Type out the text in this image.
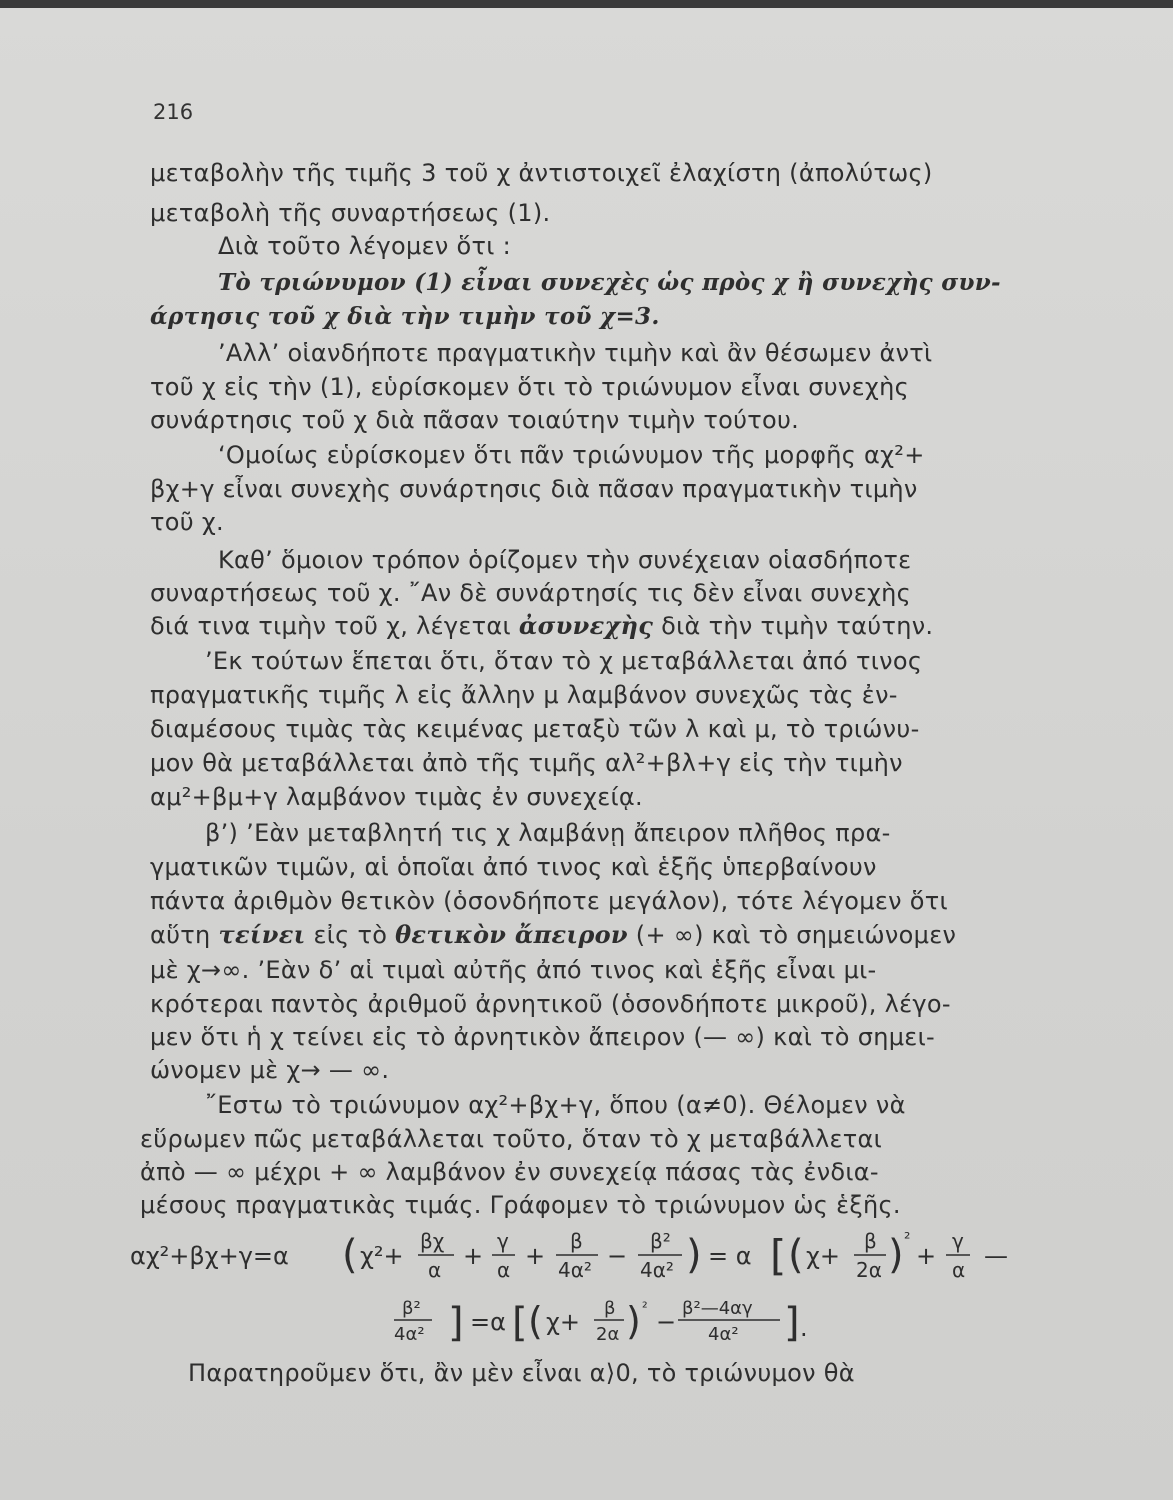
216
μεταβολὴν τῆς τιμῆς 3 τοῦ χ ἀντιστοιχεῖ ἐλαχίστη (ἀπολύτως)
μεταβολὴ τῆς συναρτήσεως (1).
Διὰ τοῦτο λέγομεν ὅτι :
Τὸ τριώνυμον (1) εἶναι συνεχὲς ὡς πρὸς χ ἢ συνεχὴς συν-
άρτησις τοῦ χ διὰ τὴν τιμὴν τοῦ χ=3.
’Αλλ’ οἱανδήποτε πραγματικὴν τιμὴν καὶ ἂν θέσωμεν ἀντὶ
τοῦ χ εἰς τὴν (1), εὑρίσκομεν ὅτι τὸ τριώνυμον εἶναι συνεχὴς
συνάρτησις τοῦ χ διὰ πᾶσαν τοιαύτην τιμὴν τούτου.
‘Ομοίως εὑρίσκομεν ὅτι πᾶν τριώνυμον τῆς μορφῆς αχ²+
βχ+γ εἶναι συνεχὴς συνάρτησις διὰ πᾶσαν πραγματικὴν τιμὴν
τοῦ χ.
Καθ’ ὅμοιον τρόπον ὁρίζομεν τὴν συνέχειαν οἱασδήποτε
συναρτήσεως τοῦ χ. ῎Αν δὲ συνάρτησίς τις δὲν εἶναι συνεχὴς
διά τινα τιμὴν τοῦ χ, λέγεται ἀσυνεχὴς διὰ τὴν τιμὴν ταύτην.
’Εκ τούτων ἕπεται ὅτι, ὅταν τὸ χ μεταβάλλεται ἀπό τινος
πραγματικῆς τιμῆς λ εἰς ἄλλην μ λαμβάνον συνεχῶς τὰς ἐν-
διαμέσους τιμὰς τὰς κειμένας μεταξὺ τῶν λ καὶ μ, τὸ τριώνυ-
μον θὰ μεταβάλλεται ἀπὸ τῆς τιμῆς αλ²+βλ+γ εἰς τὴν τιμὴν
αμ²+βμ+γ λαμβάνον τιμὰς ἐν συνεχείᾳ.
β’) ’Εὰν μεταβλητή τις χ λαμβάνῃ ἄπειρον πλῆθος πρα-
γματικῶν τιμῶν, αἱ ὁποῖαι ἀπό τινος καὶ ἑξῆς ὑπερβαίνουν
πάντα ἀριθμὸν θετικὸν (ὁσονδήποτε μεγάλον), τότε λέγομεν ὅτι
αὕτη τείνει εἰς τὸ θετικὸν ἄπειρον (+ ∞) καὶ τὸ σημειώνομεν
μὲ χ→∞. ’Εὰν δ’ αἱ τιμαὶ αὐτῆς ἀπό τινος καὶ ἑξῆς εἶναι μι-
κρότεραι παντὸς ἀριθμοῦ ἀρνητικοῦ (ὁσονδήποτε μικροῦ), λέγο-
μεν ὅτι ἡ χ τείνει εἰς τὸ ἀρνητικὸν ἄπειρον (— ∞) καὶ τὸ σημει-
ώνομεν μὲ χ→ — ∞.
῎Εστω τὸ τριώνυμον αχ²+βχ+γ, ὅπου (α≠0). Θέλομεν νὰ
εὕρωμεν πῶς μεταβάλλεται τοῦτο, ὅταν τὸ χ μεταβάλλεται
ἀπὸ — ∞ μέχρι + ∞ λαμβάνον ἐν συνεχείᾳ πάσας τὰς ἐνδια-
μέσους πραγματικὰς τιμάς. Γράφομεν τὸ τριώνυμον ὡς ἑξῆς.
αχ²+βχ+γ=α ( χ²+
βχ
α +
γ
α +
β
4α² −
β²
4α² ) = α [ ( χ+
β
2α ) ²
+
γ
α —
β²
4α² ] =α [ ( χ+ β
2α ) ² − β²—4αγ
4α² ] .
Παρατηροῦμεν ὅτι, ἂν μὲν εἶναι α⟩0, τὸ τριώνυμον θὰ
